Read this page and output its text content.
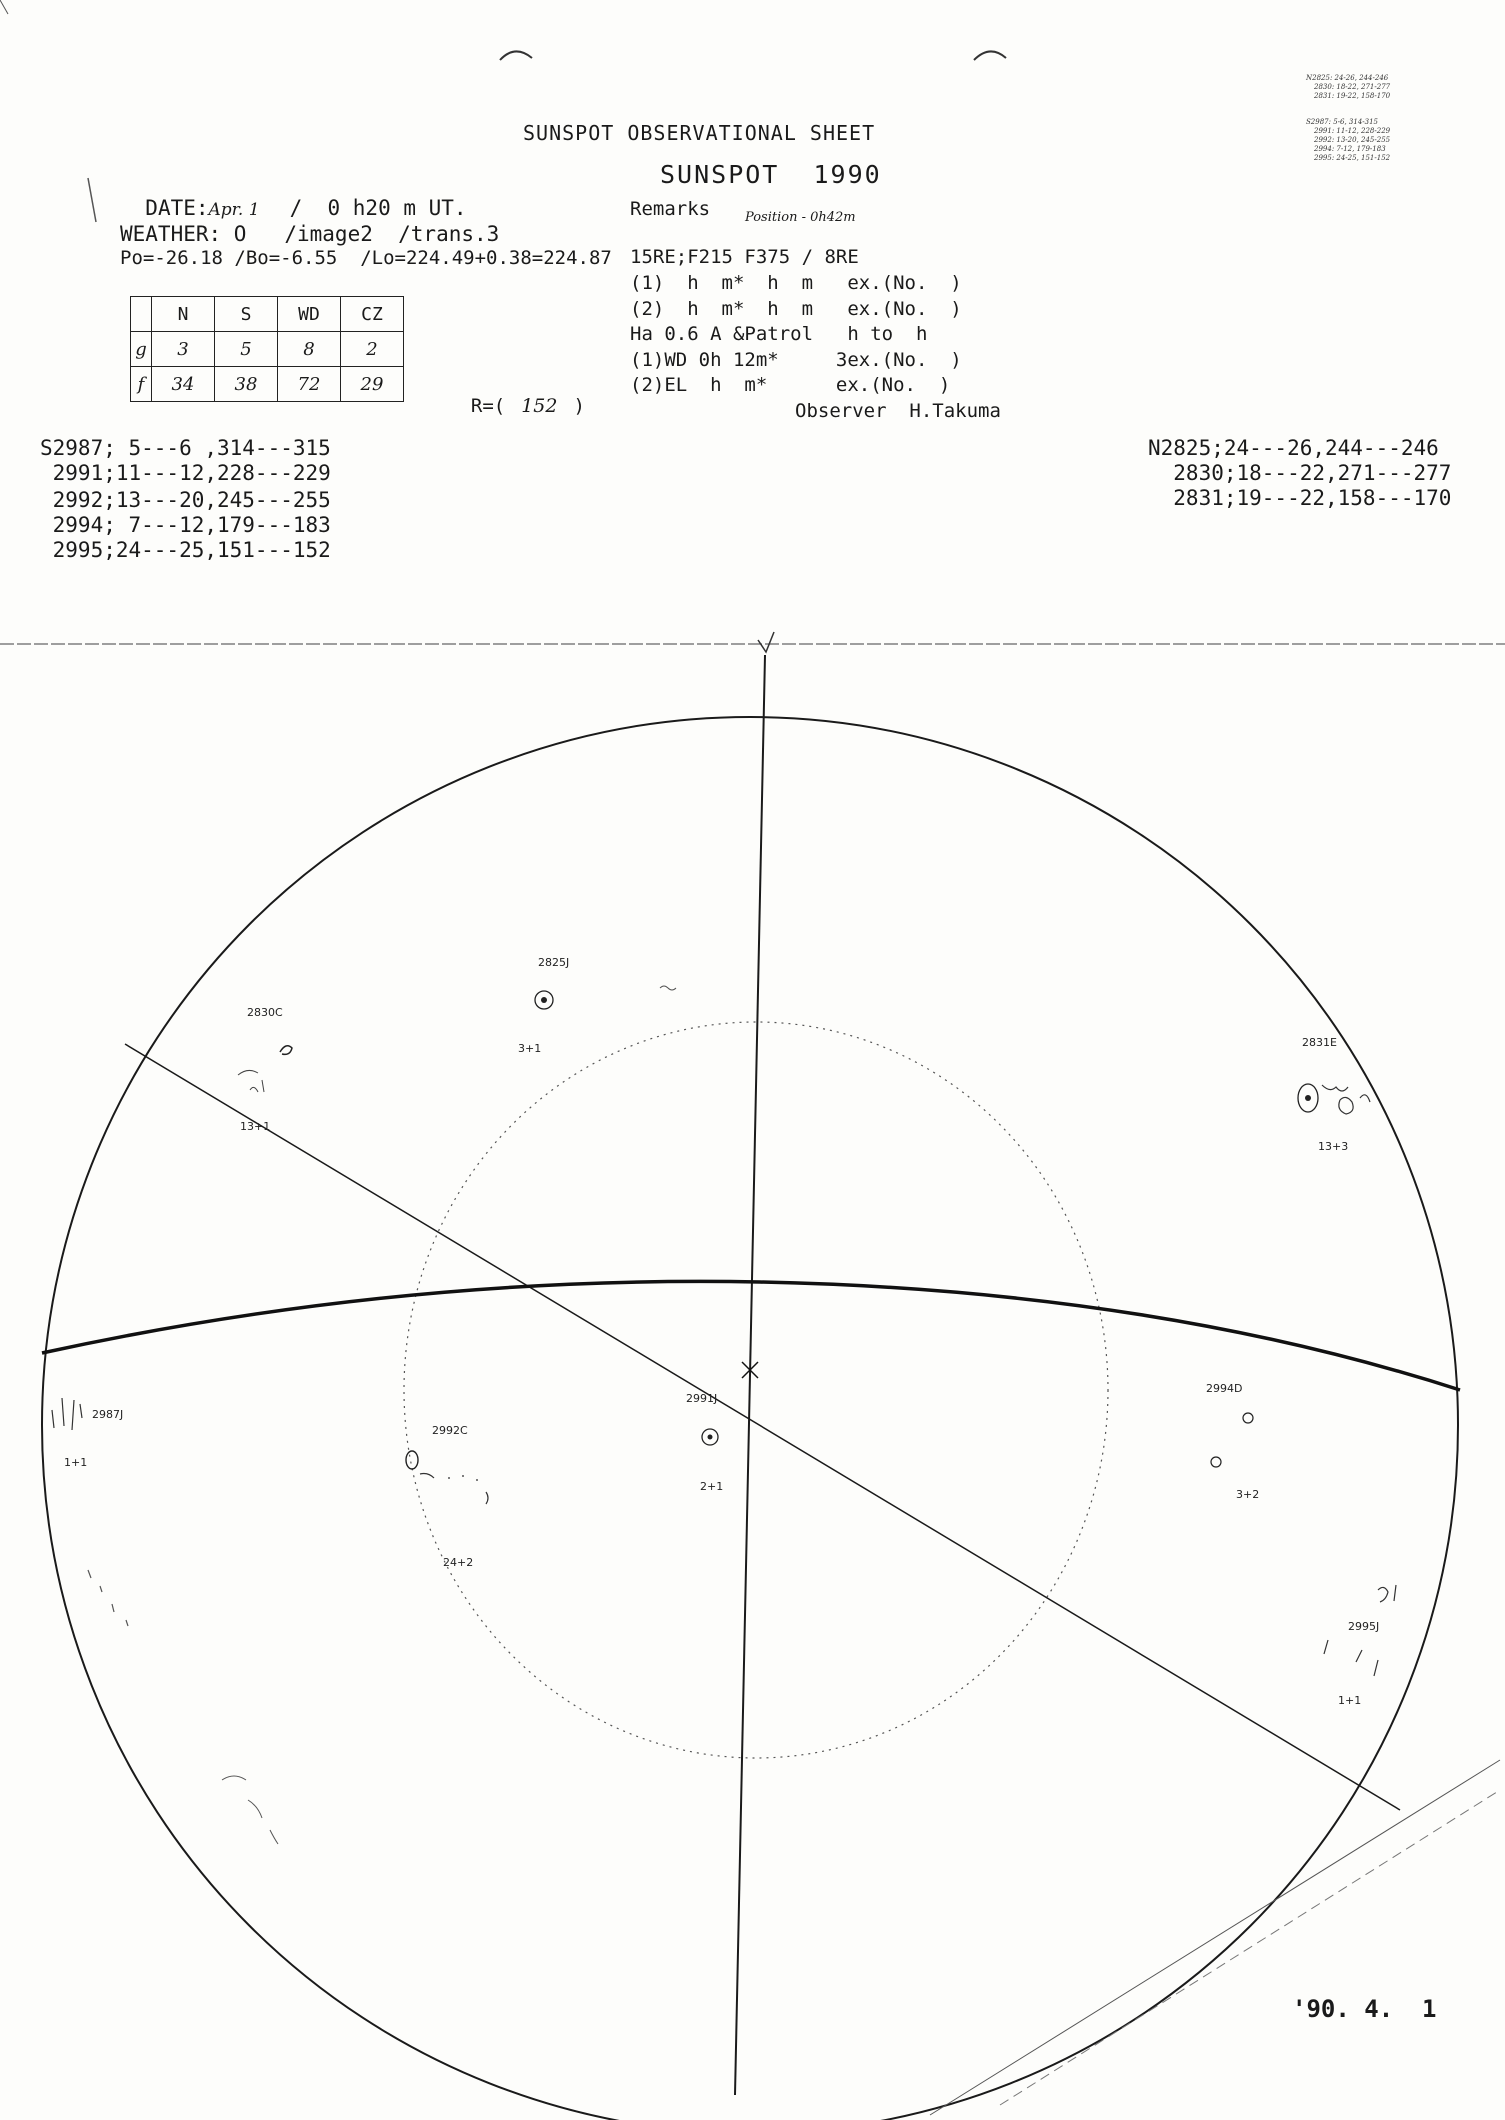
SUNSPOT OBSERVATIONAL SHEET
SUNSPOT  1990

DATE:Apr. 1 /  0 h20 m UT.

WEATHER: O   /image2  /trans.3
Po=-26.18 /Bo=-6.55  /Lo=224.49+0.38=224.87
	N	S	WD	CZ
g	3	5	8	2
f	34	38	72	29

R=( 152 )

Remarks	Position - 0h42m
15RE;F215 F375 / 8RE
(1)  h  m*  h  m   ex.(No.  )
(2)  h  m*  h  m   ex.(No.  )
Ha 0.6 A &Patrol   h to  h
(1)WD 0h 12m*     3ex.(No.  )
(2)EL  h  m*      ex.(No.  )
Observer  H.Takuma
S2987; 5---6 ,314---315
2991;11---12,228---229
2992;13---20,245---255
2994; 7---12,179---183
2995;24---25,151---152
N2825;24---26,244---246
2830;18---22,271---277
2831;19---22,158---170
N2825: 24-26, 244-246
2830: 18-22, 271-277
2831: 19-22, 158-170
S2987: 5-6, 314-315
2991: 11-12, 228-229
2992: 13-20, 245-255
2994: 7-12, 179-183
2995: 24-25, 151-152
2825J
3+1
2830C
13+1
2831E
13+3
2987J
1+1
2992C
24+2
2991J
2+1
2994D
3+2
2995J
1+1
'90. 4.  1
